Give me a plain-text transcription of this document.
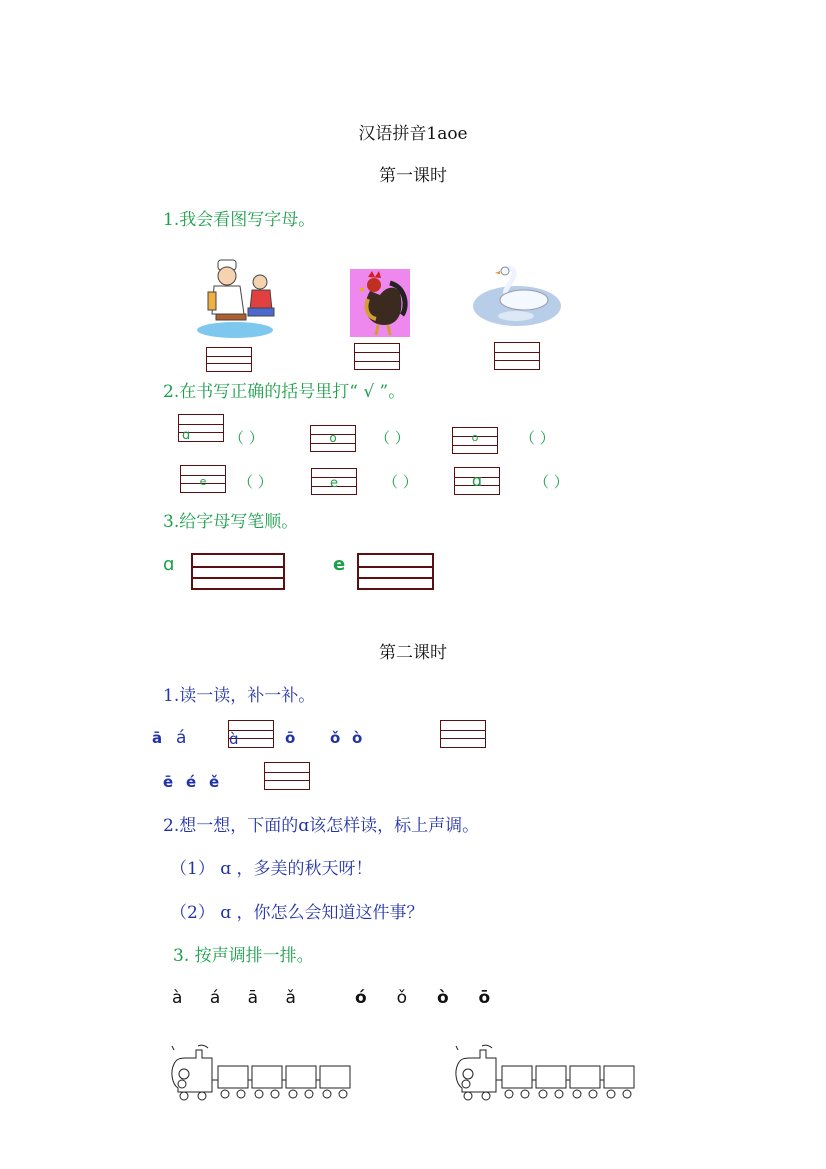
汉语拼音1aoe
第一课时
1.我会看图写字母。
2.在书写正确的括号里打“ √ ”。
ɑ	（ ）	o	（ ）	o	（ ）
e	（ ）	e	（ ）	ɑ	（ ）
3.给字母写笔顺。
ɑ	e
第二课时
1.读一读，补一补。
ā á	ɑ̀	ō ǒ ò
ē é ě
2.想一想，下面的ɑ该怎样读，标上声调。
（1） ɑ ，多美的秋天呀！
（2） ɑ ，你怎么会知道这件事？
3. 按声调排一排。
à á ā ǎ	ó ǒ ò ō
